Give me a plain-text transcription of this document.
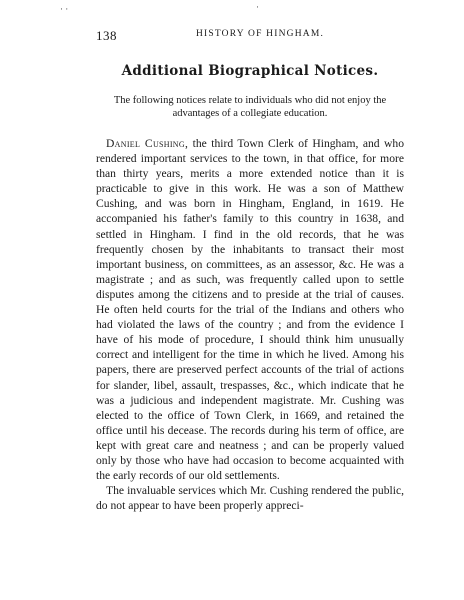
· ·	·
138	HISTORY OF HINGHAM.
Additional Biographical Notices.
The following notices relate to individuals who did not enjoy the advantages of a collegiate education.

Daniel Cushing, the third Town Clerk of Hingham, and who rendered important services to the town, in that office, for more than thirty years, merits a more extended notice than it is practicable to give in this work. He was a son of Matthew Cushing, and was born in Hingham, England, in 1619. He accompanied his father's family to this country in 1638, and settled in Hingham. I find in the old records, that he was frequently chosen by the inhabitants to transact their most important business, on committees, as an assessor, &c. He was a magistrate ; and as such, was frequently called upon to settle disputes among the citizens and to preside at the trial of causes. He often held courts for the trial of the Indians and others who had violated the laws of the country ; and from the evidence I have of his mode of procedure, I should think him unusually correct and intelligent for the time in which he lived. Among his papers, there are preserved perfect accounts of the trial of actions for slander, libel, assault, trespasses, &c., which indicate that he was a judicious and independent magistrate. Mr. Cushing was elected to the office of Town Clerk, in 1669, and retained the office until his decease. The records during his term of office, are kept with great care and neatness ; and can be properly valued only by those who have had occasion to become acquainted with the early records of our old settlements.

The invaluable services which Mr. Cushing rendered the public, do not appear to have been properly appreci-
